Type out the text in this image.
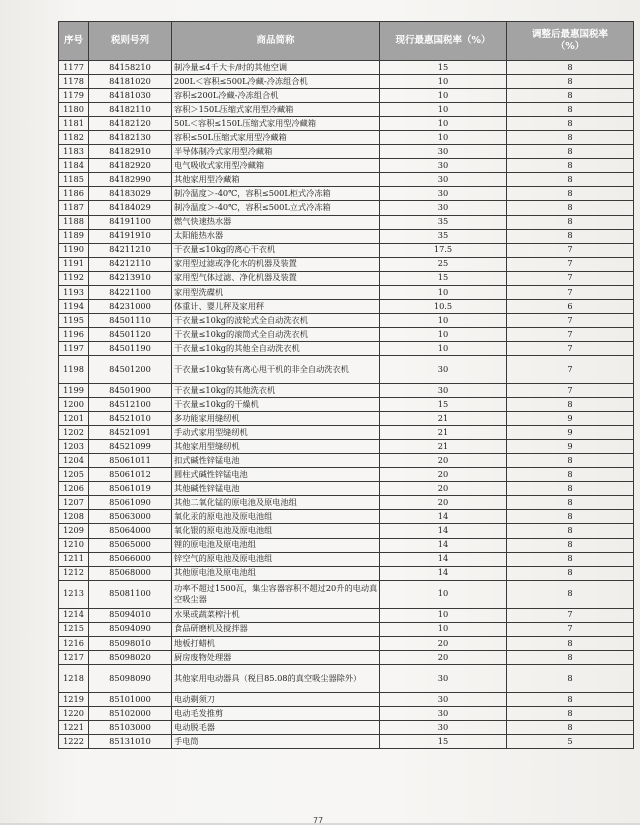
序号	税则号列	商品简称	现行最惠国税率（%）	调整后最惠国税率
（%）
1177	84158210	制冷量≤4千大卡/时的其他空调	15	8
1178	84181020	200L＜容积≤500L冷藏-冷冻组合机	10	8
1179	84181030	容积≤200L冷藏-冷冻组合机	10	8
1180	84182110	容积＞150L压缩式家用型冷藏箱	10	8
1181	84182120	50L＜容积≤150L压缩式家用型冷藏箱	10	8
1182	84182130	容积≤50L压缩式家用型冷藏箱	10	8
1183	84182910	半导体制冷式家用型冷藏箱	30	8
1184	84182920	电气吸收式家用型冷藏箱	30	8
1185	84182990	其他家用型冷藏箱	30	8
1186	84183029	制冷温度＞-40℃，容积≤500L柜式冷冻箱	30	8
1187	84184029	制冷温度＞-40℃，容积≤500L立式冷冻箱	30	8
1188	84191100	燃气快速热水器	35	8
1189	84191910	太阳能热水器	35	8
1190	84211210	干衣量≤10kg的离心干衣机	17.5	7
1191	84212110	家用型过滤或净化水的机器及装置	25	7
1192	84213910	家用型气体过滤、净化机器及装置	15	7
1193	84221100	家用型洗碟机	10	7
1194	84231000	体重计、婴儿秤及家用秤	10.5	6
1195	84501110	干衣量≤10kg的波轮式全自动洗衣机	10	7
1196	84501120	干衣量≤10kg的滚筒式全自动洗衣机	10	7
1197	84501190	干衣量≤10kg的其他全自动洗衣机	10	7
1198	84501200	干衣量≤10kg装有离心甩干机的非全自动洗衣机	30	7
1199	84501900	干衣量≤10kg的其他洗衣机	30	7
1200	84512100	干衣量≤10kg的干燥机	15	8
1201	84521010	多功能家用缝纫机	21	9
1202	84521091	手动式家用型缝纫机	21	9
1203	84521099	其他家用型缝纫机	21	9
1204	85061011	扣式碱性锌锰电池	20	8
1205	85061012	圆柱式碱性锌锰电池	20	8
1206	85061019	其他碱性锌锰电池	20	8
1207	85061090	其他二氧化锰的原电池及原电池组	20	8
1208	85063000	氧化汞的原电池及原电池组	14	8
1209	85064000	氧化银的原电池及原电池组	14	8
1210	85065000	锂的原电池及原电池组	14	8
1211	85066000	锌空气的原电池及原电池组	14	8
1212	85068000	其他原电池及原电池组	14	8
1213	85081100	功率不超过1500瓦，集尘容器容积不超过20升的电动真空吸尘器	10	8
1214	85094010	水果或蔬菜榨汁机	10	7
1215	85094090	食品研磨机及搅拌器	10	7
1216	85098010	地板打蜡机	20	8
1217	85098020	厨房废物处理器	20	8
1218	85098090	其他家用电动器具（税目85.08的真空吸尘器除外）	30	8
1219	85101000	电动剃须刀	30	8
1220	85102000	电动毛发推剪	30	8
1221	85103000	电动脱毛器	30	8
1222	85131010	手电筒	15	5
77
